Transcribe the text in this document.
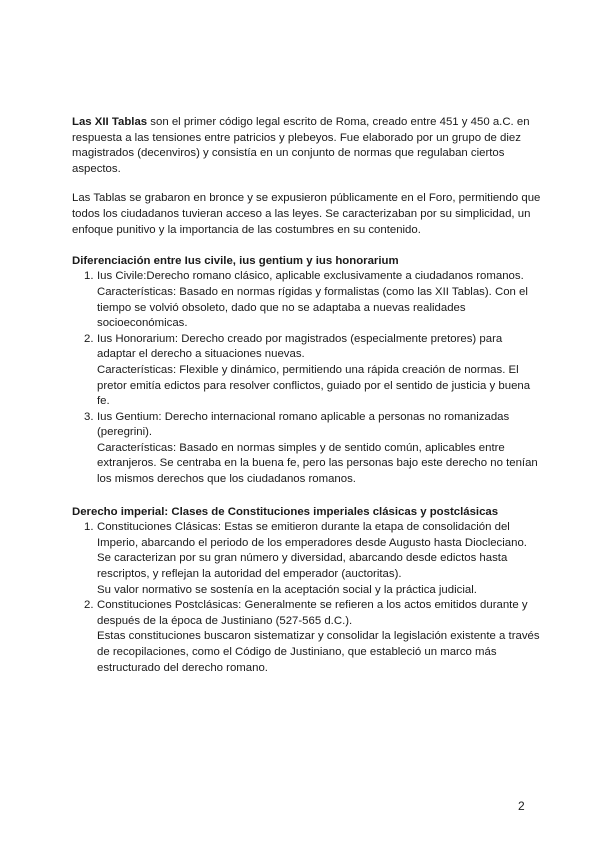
Las XII Tablas son el primer código legal escrito de Roma, creado entre 451 y 450 a.C. en respuesta a las tensiones entre patricios y plebeyos. Fue elaborado por un grupo de diez magistrados (decenviros) y consistía en un conjunto de normas que regulaban ciertos aspectos.

Las Tablas se grabaron en bronce y se expusieron públicamente en el Foro, permitiendo que todos los ciudadanos tuvieran acceso a las leyes. Se caracterizaban por su simplicidad, un enfoque punitivo y la importancia de las costumbres en su contenido.

Diferenciación entre Ius civile, ius gentium y ius honorarium
1. Ius Civile:Derecho romano clásico, aplicable exclusivamente a ciudadanos romanos.
Características: Basado en normas rígidas y formalistas (como las XII Tablas). Con el tiempo se volvió obsoleto, dado que no se adaptaba a nuevas realidades socioeconómicas.
2. Ius Honorarium: Derecho creado por magistrados (especialmente pretores) para adaptar el derecho a situaciones nuevas.
Características: Flexible y dinámico, permitiendo una rápida creación de normas. El pretor emitía edictos para resolver conflictos, guiado por el sentido de justicia y buena fe.
3. Ius Gentium: Derecho internacional romano aplicable a personas no romanizadas (peregrini).
Características: Basado en normas simples y de sentido común, aplicables entre extranjeros. Se centraba en la buena fe, pero las personas bajo este derecho no tenían los mismos derechos que los ciudadanos romanos.
Derecho imperial: Clases de Constituciones imperiales clásicas y postclásicas
1. Constituciones Clásicas: Estas se emitieron durante la etapa de consolidación del Imperio, abarcando el periodo de los emperadores desde Augusto hasta Diocleciano.
Se caracterizan por su gran número y diversidad, abarcando desde edictos hasta rescriptos, y reflejan la autoridad del emperador (auctoritas).
Su valor normativo se sostenía en la aceptación social y la práctica judicial.
2. Constituciones Postclásicas: Generalmente se refieren a los actos emitidos durante y después de la época de Justiniano (527-565 d.C.).
Estas constituciones buscaron sistematizar y consolidar la legislación existente a través de recopilaciones, como el Código de Justiniano, que estableció un marco más estructurado del derecho romano.
2
